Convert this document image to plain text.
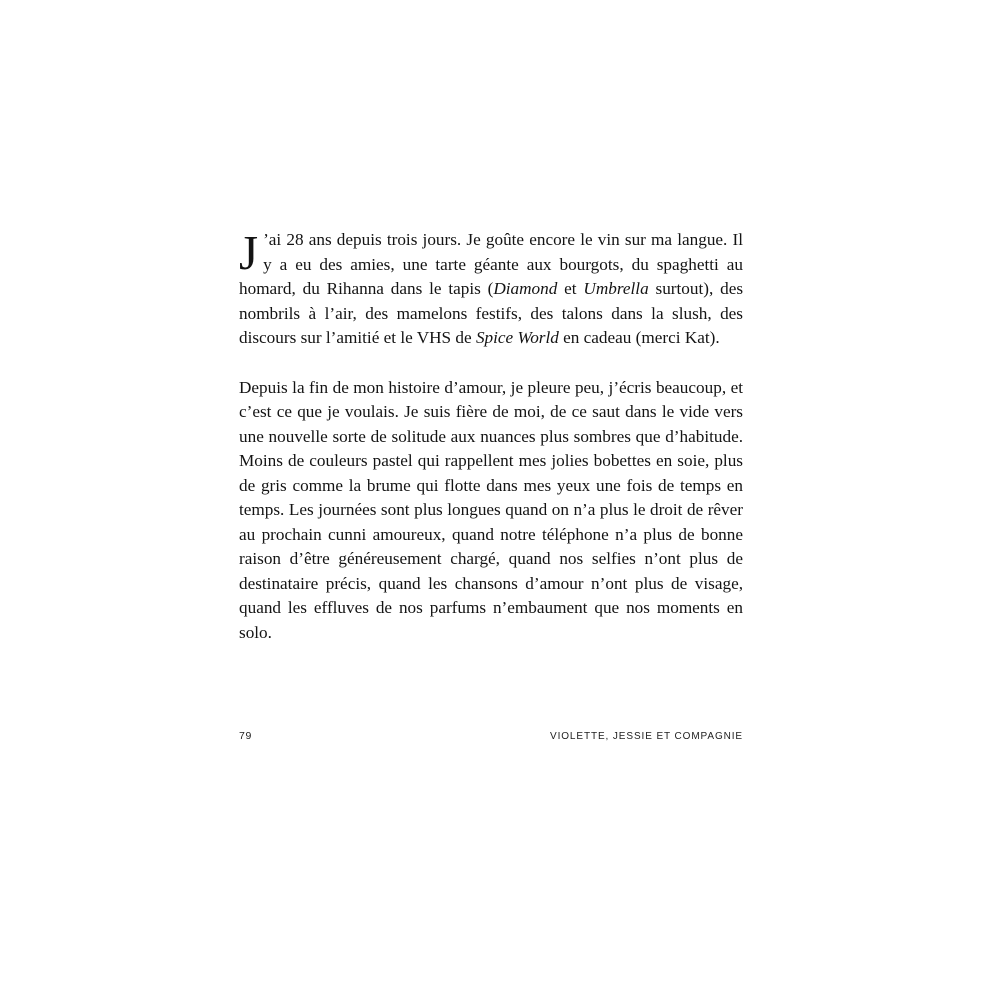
J ’ai 28 ans depuis trois jours. Je goûte encore le vin sur ma langue. Il y a eu des amies, une tarte géante aux bourgots, du spaghetti au homard, du Rihanna dans le tapis (Diamond et Umbrella surtout), des nombrils à l’air, des mamelons festifs, des talons dans la slush, des discours sur l’amitié et le VHS de Spice World en cadeau (merci Kat).

Depuis la fin de mon histoire d’amour, je pleure peu, j’écris beaucoup, et c’est ce que je voulais. Je suis fière de moi, de ce saut dans le vide vers une nouvelle sorte de solitude aux nuances plus sombres que d’habitude. Moins de couleurs pastel qui rappellent mes jolies bobettes en soie, plus de gris comme la brume qui flotte dans mes yeux une fois de temps en temps. Les journées sont plus longues quand on n’a plus le droit de rêver au prochain cunni amoureux, quand notre téléphone n’a plus de bonne raison d’être généreusement chargé, quand nos selfies n’ont plus de destinataire précis, quand les chansons d’amour n’ont plus de visage, quand les effluves de nos parfums n’embaument que nos moments en solo.

79	VIOLETTE, JESSIE ET COMPAGNIE
